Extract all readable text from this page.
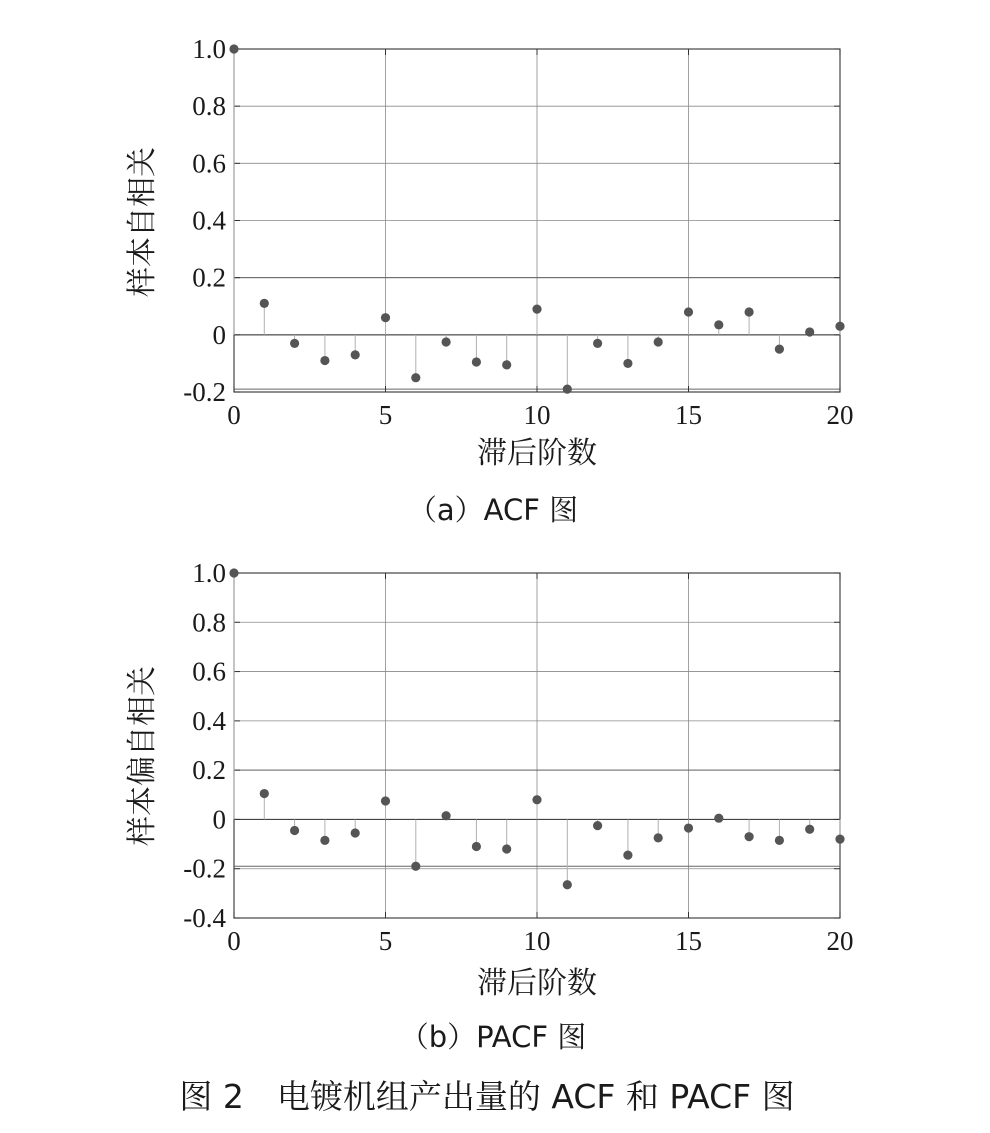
0	5	10	15	20
1.0
0.8
0.6
0.4
0.2
0
-0.2
滞后阶数
样本自相关
（a）ACF 图
0	5	10	15	20
1.0
0.8
0.6
0.4
0.2
0
-0.2
-0.4
滞后阶数
样本偏自相关
（b）PACF 图
图 2　电镀机组产出量的 ACF 和 PACF 图
